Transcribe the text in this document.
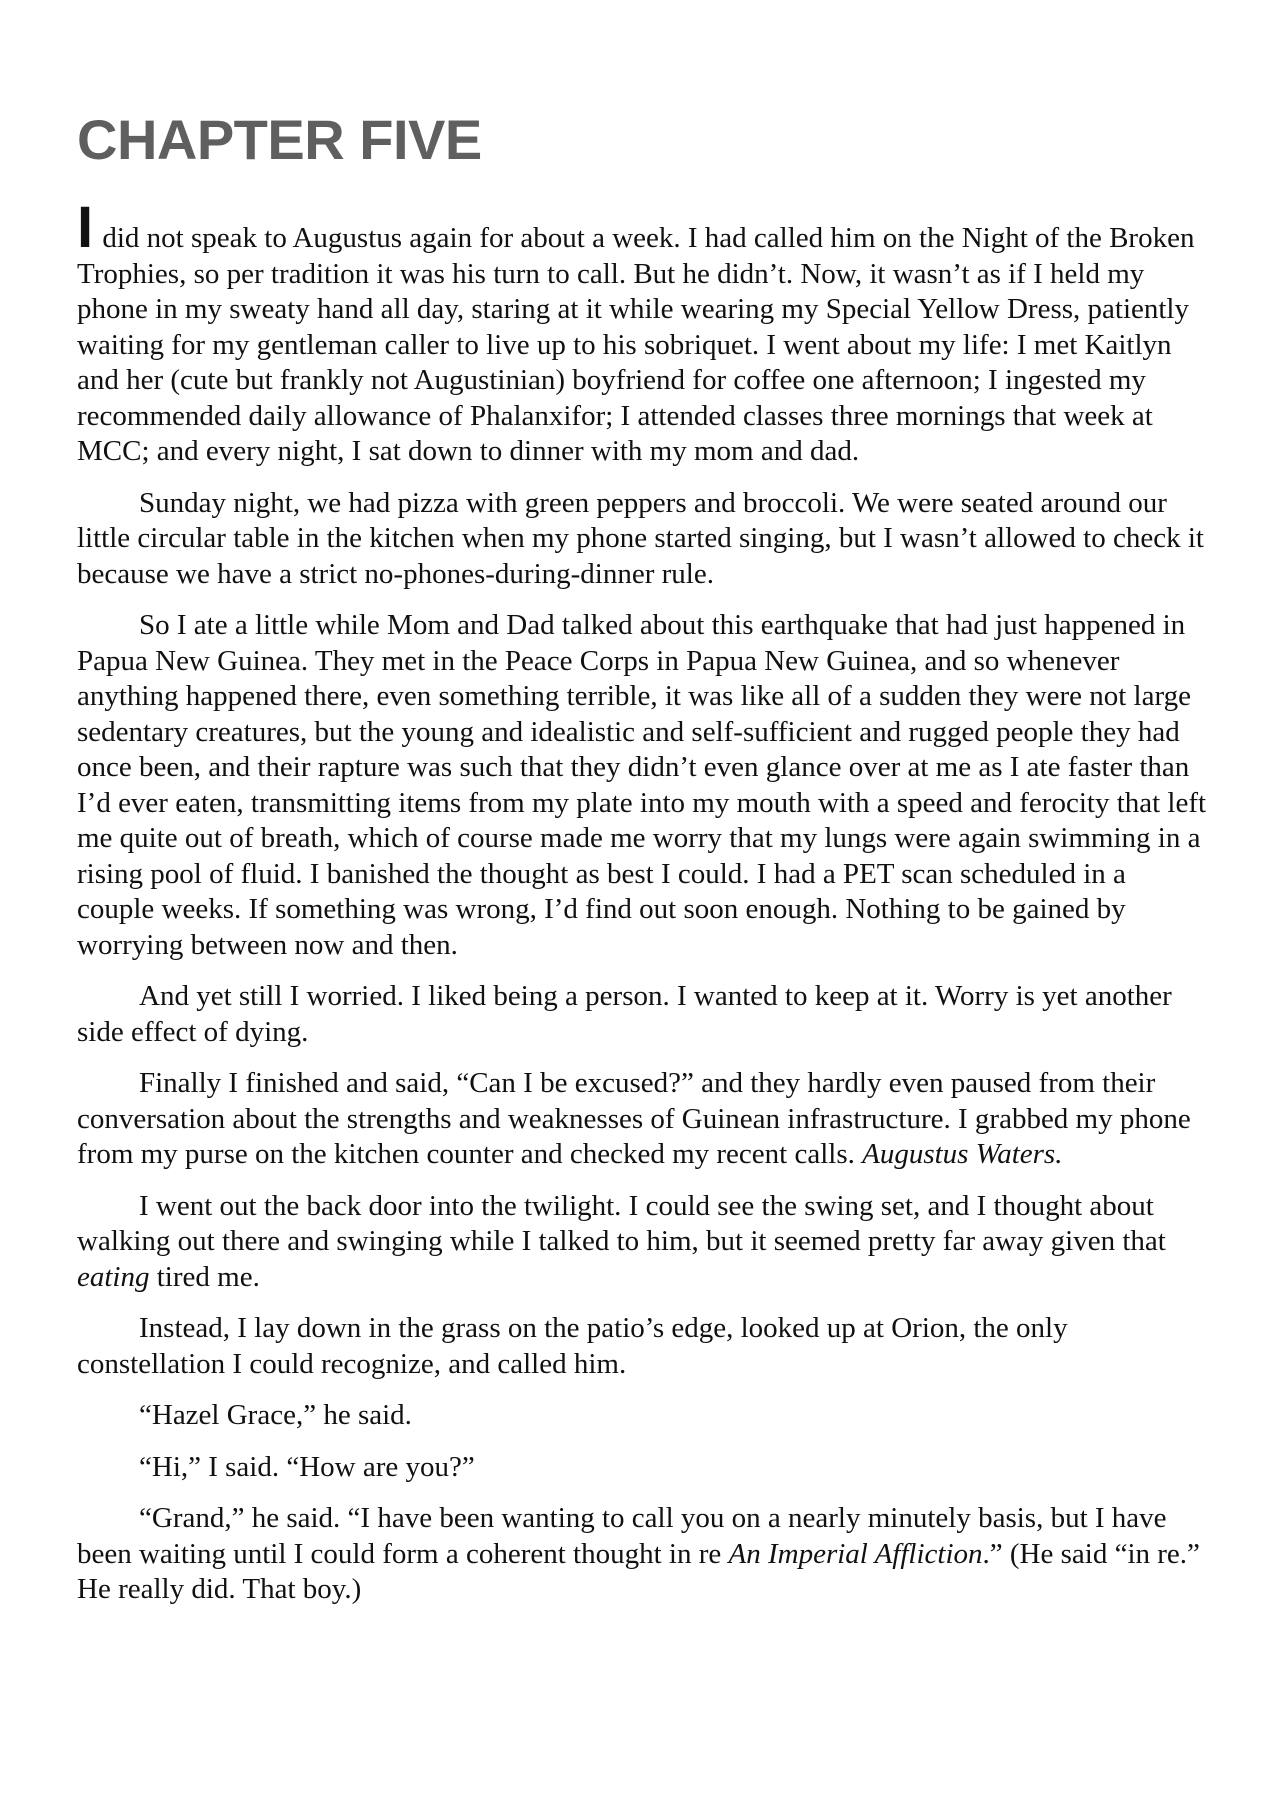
CHAPTER FIVE

I did not speak to Augustus again for about a week. I had called him on the Night of the Broken Trophies, so per tradition it was his turn to call. But he didn’t. Now, it wasn’t as if I held my phone in my sweaty hand all day, staring at it while wearing my Special Yellow Dress, patiently waiting for my gentleman caller to live up to his sobriquet. I went about my life: I met Kaitlyn and her (cute but frankly not Augustinian) boyfriend for coffee one afternoon; I ingested my recommended daily allowance of Phalanxifor; I attended classes three mornings that week at MCC; and every night, I sat down to dinner with my mom and dad.

Sunday night, we had pizza with green peppers and broccoli. We were seated around our little circular table in the kitchen when my phone started singing, but I wasn’t allowed to check it because we have a strict no-phones-during-dinner rule.

So I ate a little while Mom and Dad talked about this earthquake that had just happened in Papua New Guinea. They met in the Peace Corps in Papua New Guinea, and so whenever anything happened there, even something terrible, it was like all of a sudden they were not large sedentary creatures, but the young and idealistic and self-sufficient and rugged people they had once been, and their rapture was such that they didn’t even glance over at me as I ate faster than I’d ever eaten, transmitting items from my plate into my mouth with a speed and ferocity that left me quite out of breath, which of course made me worry that my lungs were again swimming in a rising pool of fluid. I banished the thought as best I could. I had a PET scan scheduled in a couple weeks. If something was wrong, I’d find out soon enough. Nothing to be gained by worrying between now and then.

And yet still I worried. I liked being a person. I wanted to keep at it. Worry is yet another side effect of dying.

Finally I finished and said, “Can I be excused?” and they hardly even paused from their conversation about the strengths and weaknesses of Guinean infrastructure. I grabbed my phone from my purse on the kitchen counter and checked my recent calls. Augustus Waters.

I went out the back door into the twilight. I could see the swing set, and I thought about walking out there and swinging while I talked to him, but it seemed pretty far away given that eating tired me.

Instead, I lay down in the grass on the patio’s edge, looked up at Orion, the only constellation I could recognize, and called him.

“Hazel Grace,” he said.

“Hi,” I said. “How are you?”

“Grand,” he said. “I have been wanting to call you on a nearly minutely basis, but I have been waiting until I could form a coherent thought in re An Imperial Affliction.” (He said “in re.” He really did. That boy.)
